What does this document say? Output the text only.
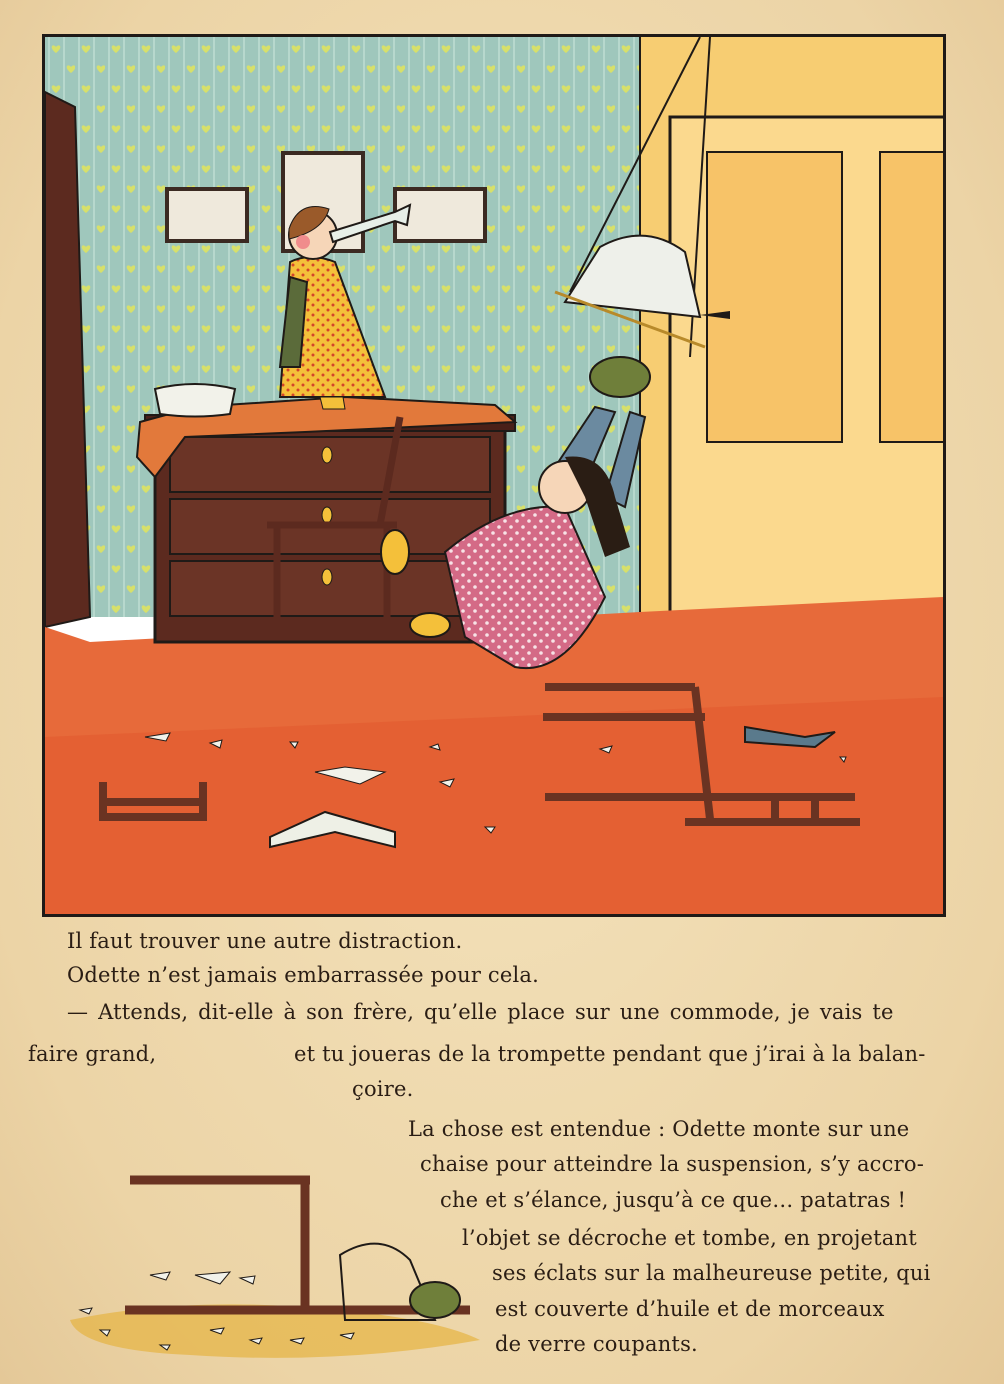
Il faut trouver une autre distraction.
Odette n’est jamais embarrassée pour cela.
— Attends, dit-elle à son frère, qu’elle place sur une commode, je vais te
faire grand,	et tu joueras de la trompette pendant que j’irai à la balan-
çoire.
La chose est entendue : Odette monte sur une
chaise pour atteindre la suspension, s’y accro-
che et s’élance, jusqu’à ce que… patatras !
l’objet se décroche et tombe, en projetant
ses éclats sur la malheureuse petite, qui
est couverte d’huile et de morceaux
de verre coupants.
